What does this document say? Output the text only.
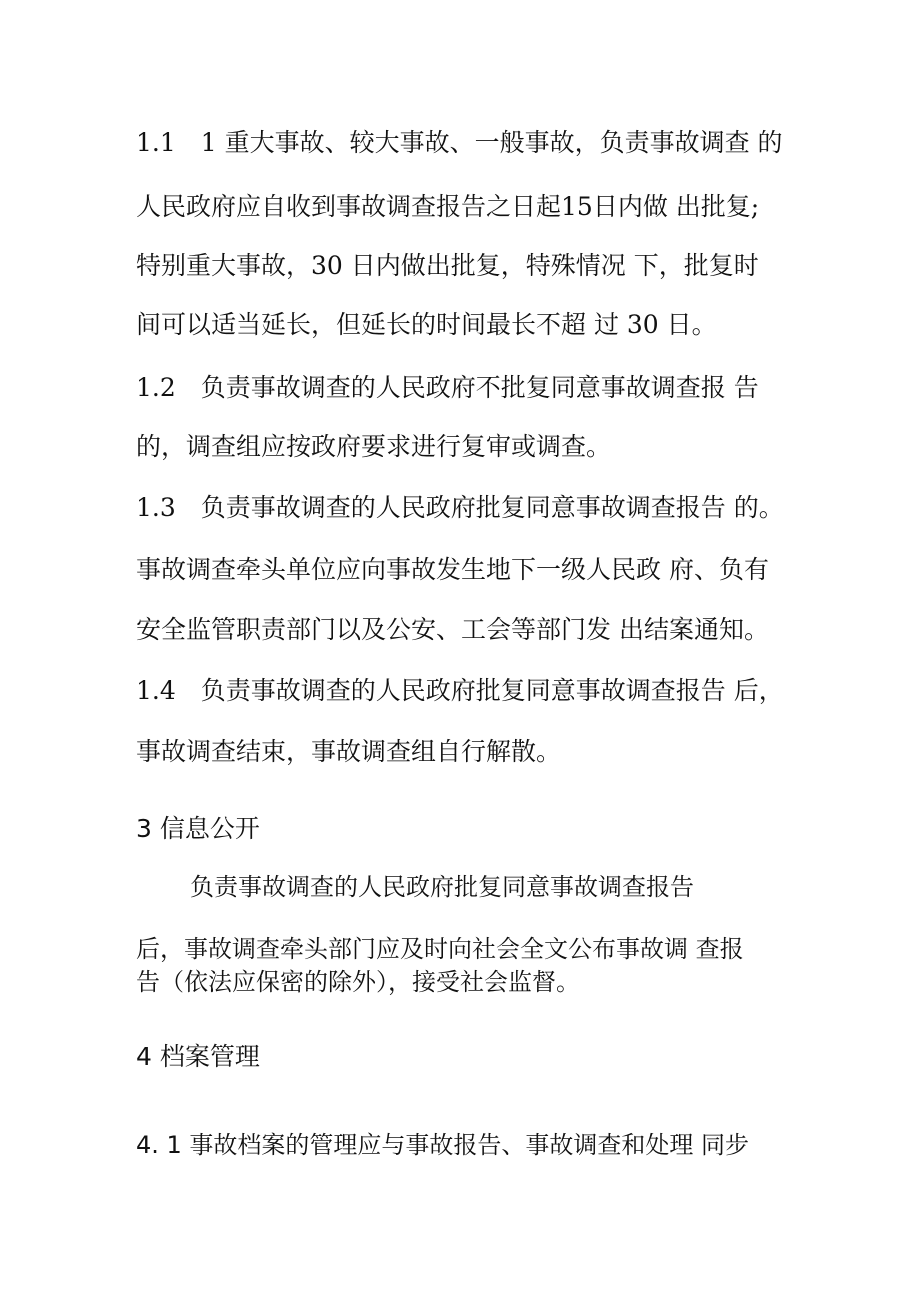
1.1　1 重大事故、较大事故、一般事故，负责事故调查 的
人民政府应自收到事故调查报告之日起15日内做 出批复;
特别重大事故，30 日内做出批复，特殊情况 下，批复时
间可以适当延长，但延长的时间最长不超 过 30 日。
1.2　负责事故调查的人民政府不批复同意事故调查报 告
的，调查组应按政府要求进行复审或调查。
1.3　负责事故调查的人民政府批复同意事故调查报告 的。
事故调查牵头单位应向事故发生地下一级人民政 府、负有
安全监管职责部门以及公安、工会等部门发 出结案通知。
1.4　负责事故调查的人民政府批复同意事故调查报告 后，
事故调查结束，事故调查组自行解散。
3 信息公开
负责事故调查的人民政府批复同意事故调查报告
后，事故调查牵头部门应及时向社会全文公布事故调 查报
告（依法应保密的除外），接受社会监督。
4 档案管理
4. 1 事故档案的管理应与事故报告、事故调查和处理 同步
